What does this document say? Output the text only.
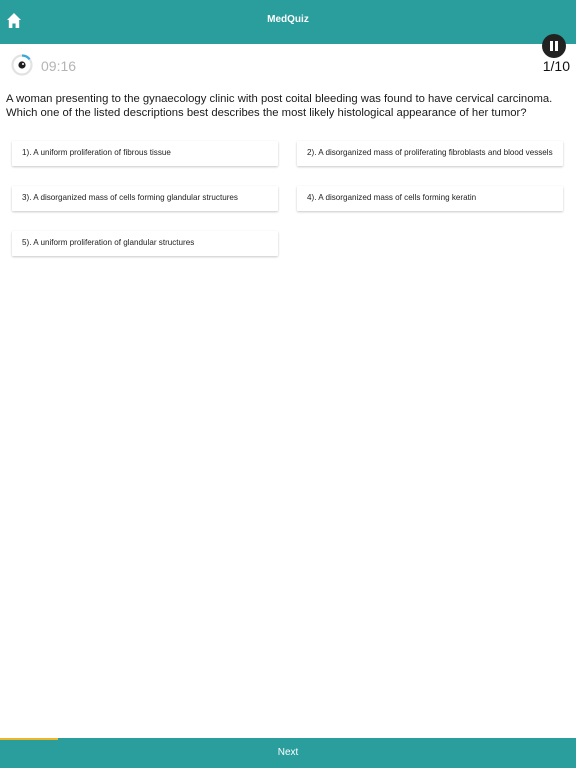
MedQuiz
09:16	1/10
A woman presenting to the gynaecology clinic with post coital bleeding was found to have cervical carcinoma. Which one of the listed descriptions best describes the most likely histological appearance of her tumor?
1). A uniform proliferation of fibrous tissue	2). A disorganized mass of proliferating fibroblasts and blood vessels
3). A disorganized mass of cells forming glandular structures	4). A disorganized mass of cells forming keratin
5). A uniform proliferation of glandular structures
Next
